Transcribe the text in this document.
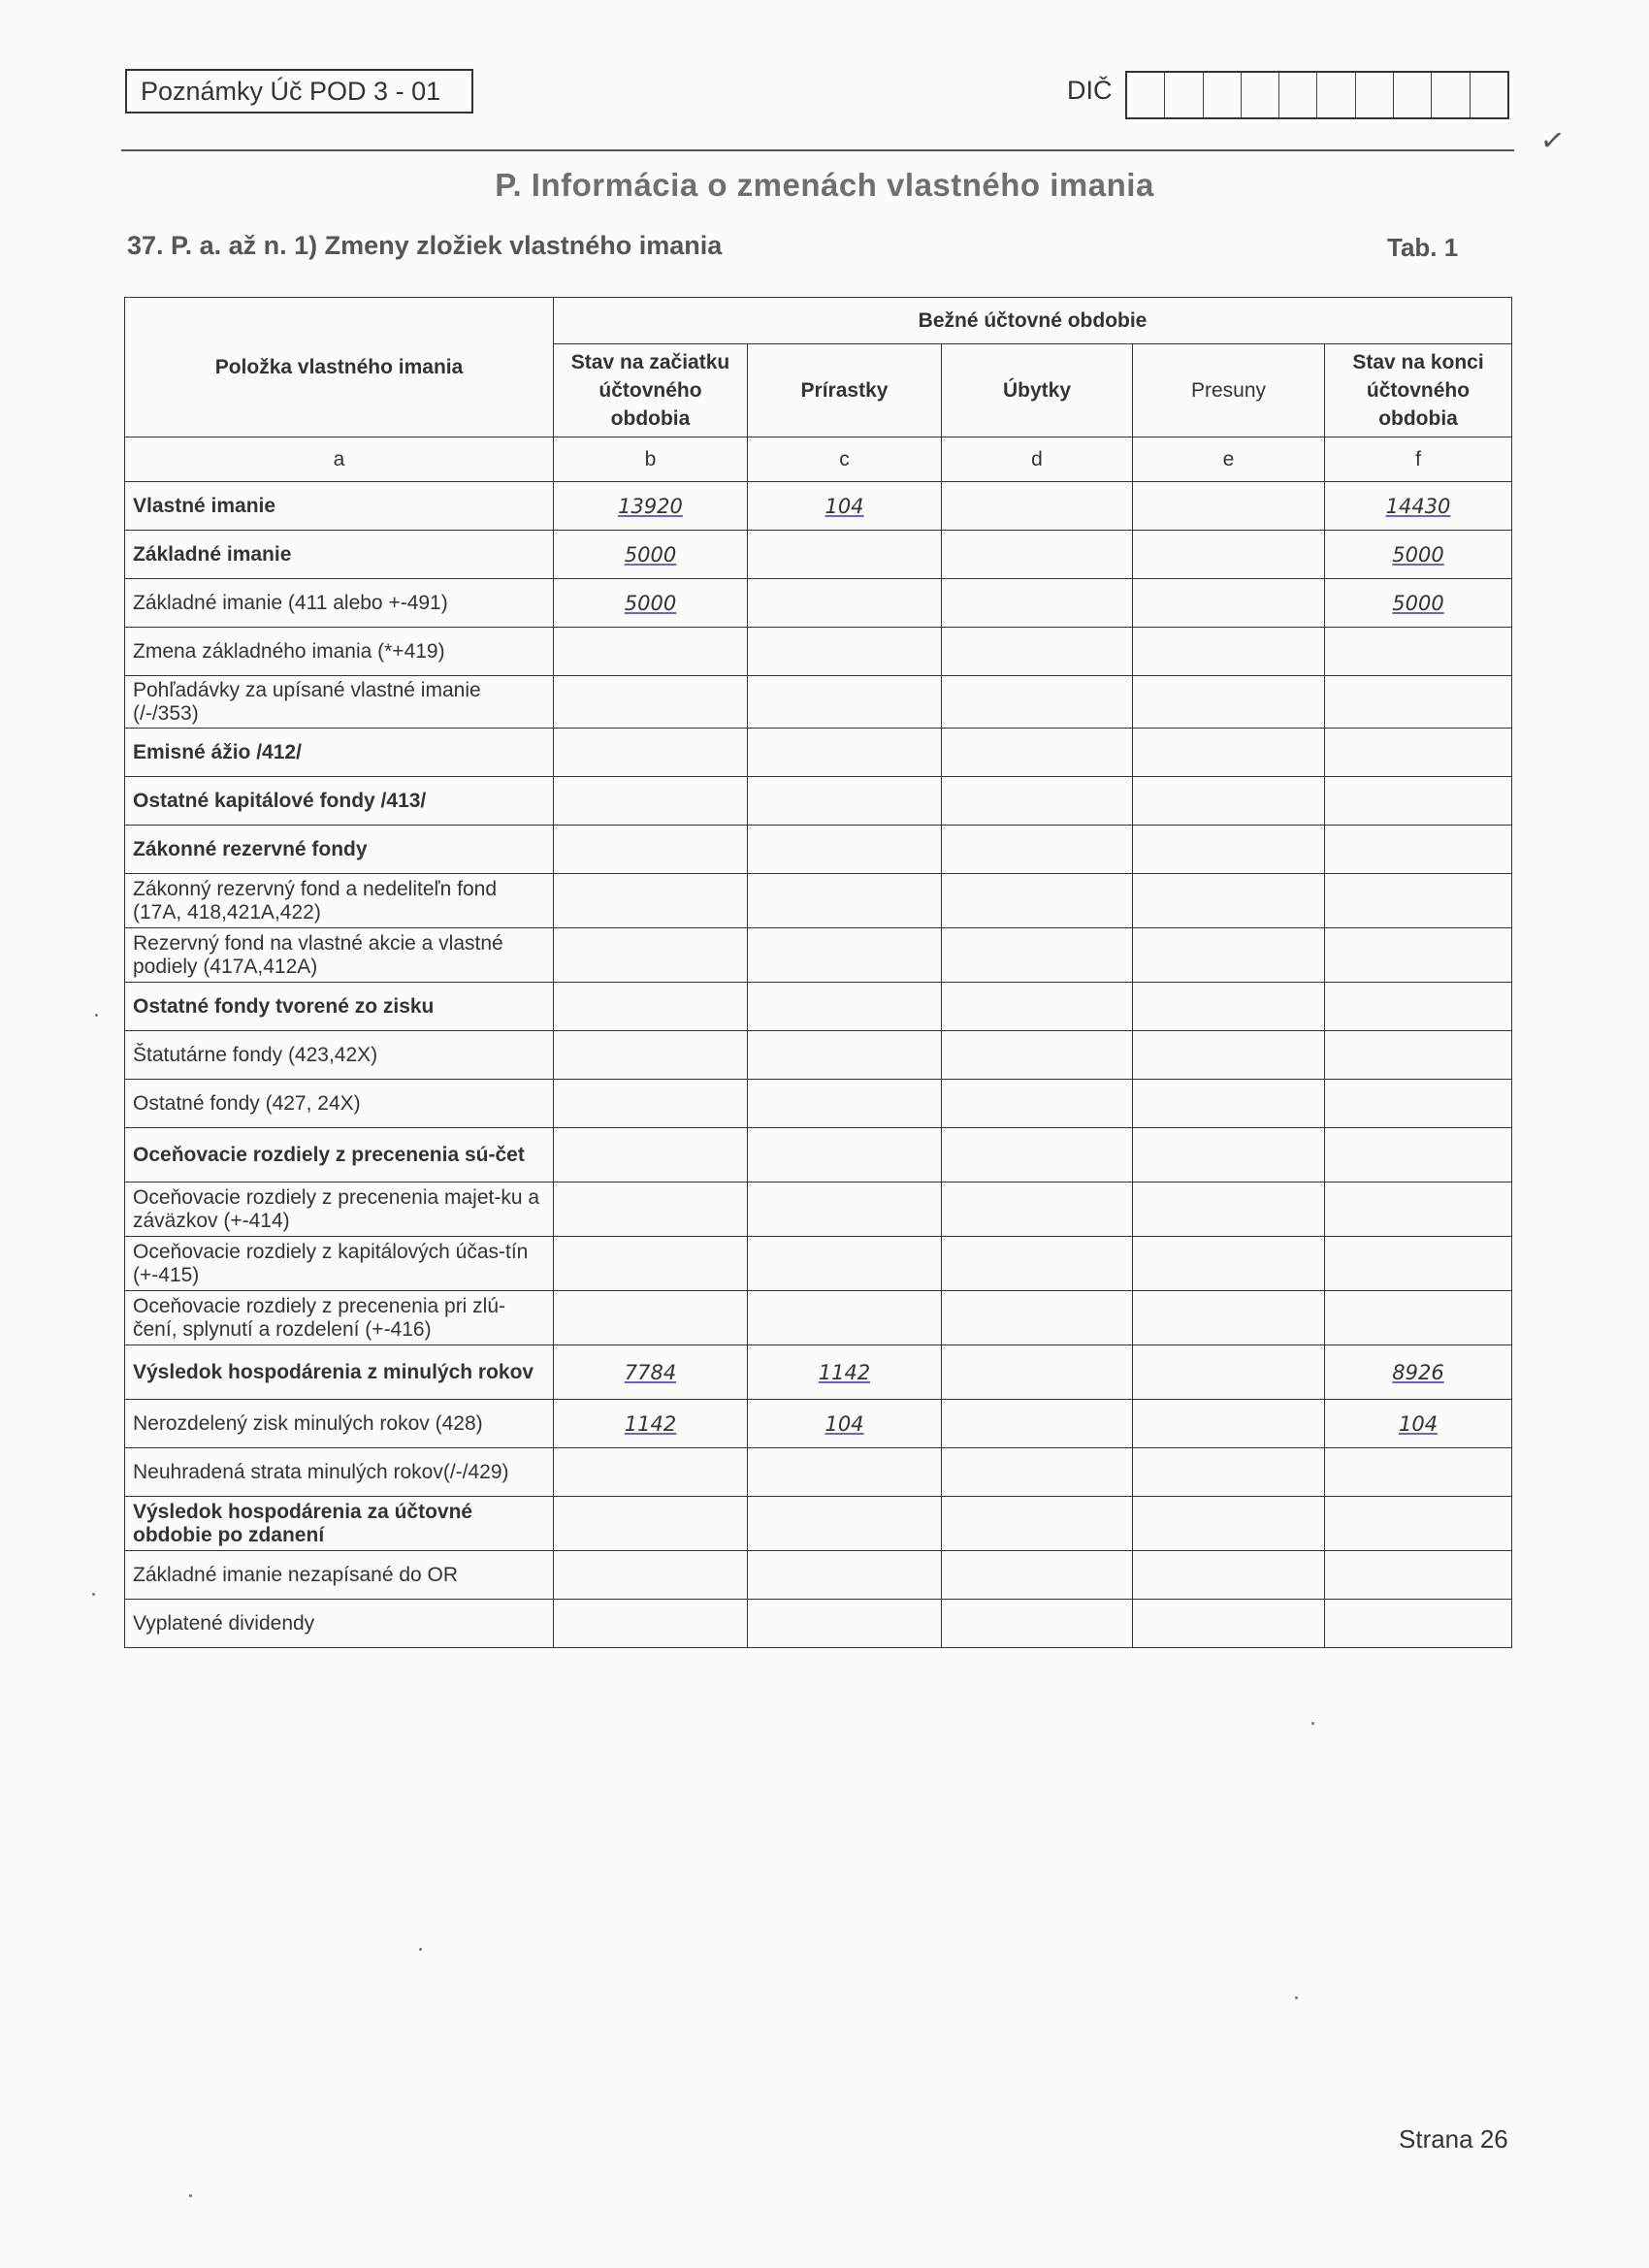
Poznámky Úč POD 3 - 01	DIČ
✓
P. Informácia o zmenách vlastného imania
37. P. a. až n. 1) Zmeny zložiek vlastného imania	Tab. 1
Položka vlastného imania	Bežné účtovné obdobie				
	Stav na začiatku účtovného obdobia	Prírastky	Úbytky	Presuny	Stav na konci účtovného obdobia
a	b	c	d	e	f
Vlastné imanie	13920	104			14430
Základné imanie	5000				5000
Základné imanie (411 alebo +-491)	5000				5000
Zmena základného imania (*+419)					
Pohľadávky za upísané vlastné imanie (/-/353)					
Emisné ážio /412/					
Ostatné kapitálové fondy /413/					
Zákonné rezervné fondy					
Zákonný rezervný fond a nedeliteľn fond (17A, 418,421A,422)					
Rezervný fond na vlastné akcie a vlastné podiely (417A,412A)					
Ostatné fondy tvorené zo zisku					
Štatutárne fondy (423,42X)					
Ostatné fondy (427, 24X)					
Oceňovacie rozdiely z precenenia sú-čet					
Oceňovacie rozdiely z precenenia majet-ku a záväzkov (+-414)					
Oceňovacie rozdiely z kapitálových účas-tín (+-415)					
Oceňovacie rozdiely z precenenia pri zlú-čení, splynutí a rozdelení (+-416)					
Výsledok hospodárenia z minulých rokov	7784	1142			8926
Nerozdelený zisk minulých rokov (428)	1142	104			104
Neuhradená strata minulých rokov(/-/429)					
Výsledok hospodárenia za účtovné obdobie po zdanení					
Základné imanie nezapísané do OR					
Vyplatené dividendy					
Strana 26
